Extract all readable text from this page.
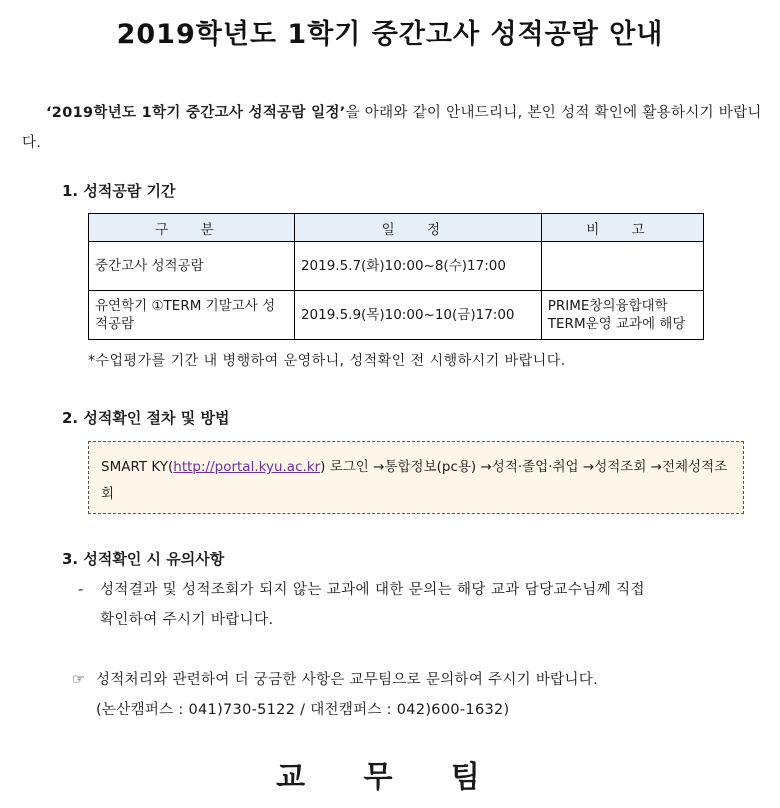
2019학년도 1학기 중간고사 성적공람 안내
‘2019학년도 1학기 중간고사 성적공람 일정’을 아래와 같이 안내드리니, 본인 성적 확인에 활용하시기 바랍니다.
1. 성적공람 기간
구 분	일 정	비 고
중간고사 성적공람	2019.5.7(화)10:00~8(수)17:00	
유연학기 ①TERM 기말고사 성적공람	2019.5.9(목)10:00~10(금)17:00	PRIME창의융합대학 TERM운영 교과에 해당
*수업평가를 기간 내 병행하여 운영하니, 성적확인 전 시행하시기 바랍니다.
2. 성적확인 절차 및 방법
SMART KY(http://portal.kyu.ac.kr) 로그인 →통합정보(pc용) →성적·졸업·취업 →성적조회 →전체성적조회
3. 성적확인 시 유의사항
- 성적결과 및 성적조회가 되지 않는 교과에 대한 문의는 해당 교과 담당교수님께 직접
확인하여 주시기 바랍니다.
☞ 성적처리와 관련하여 더 궁금한 사항은 교무팀으로 문의하여 주시기 바랍니다.
(논산캠퍼스 : 041)730-5122 / 대전캠퍼스 : 042)600-1632)
교 무 팀
